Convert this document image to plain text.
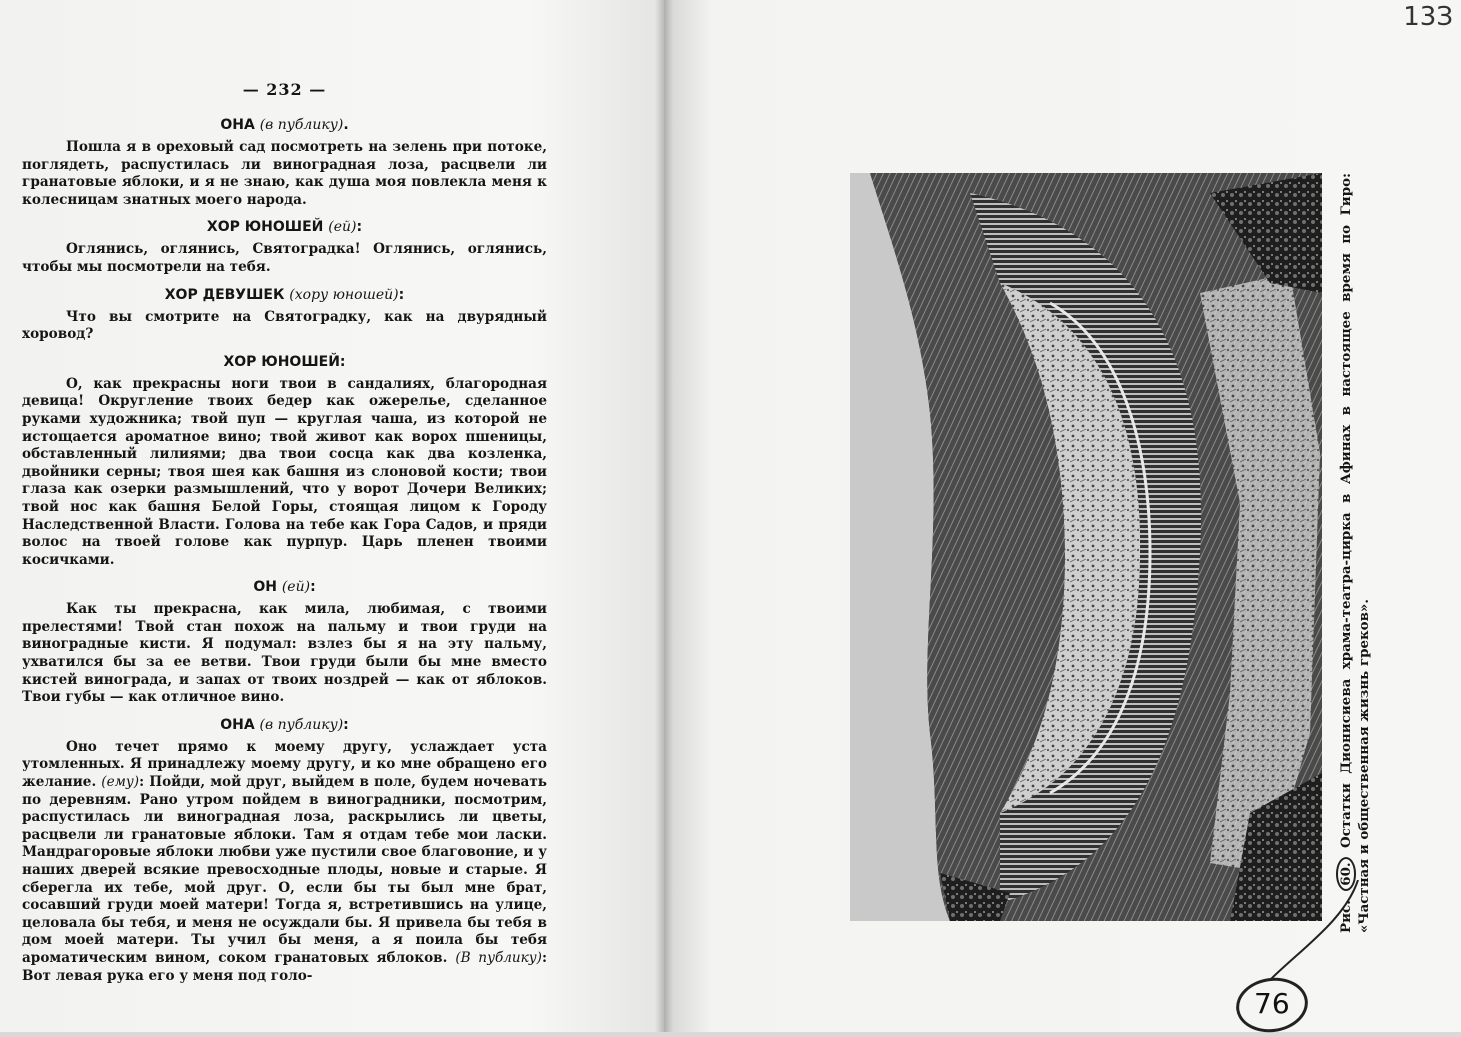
— 232 —
ОНА (в публику).

Пошла я в ореховый сад посмотреть на зелень при потоке, поглядеть, распустилась ли виноградная лоза, расцвели ли гранатовые яблоки, и я не знаю, как душа моя повлекла меня к колесницам знатных моего народа.

ХОР ЮНОШЕЙ (ей):

Оглянись, оглянись, Святоградка! Оглянись, оглянись, чтобы мы посмотрели на тебя.

ХОР ДЕВУШЕК (хору юношей):

Что вы смотрите на Святоградку, как на двурядный хоровод?

ХОР ЮНОШЕЙ:

О, как прекрасны ноги твои в сандалиях, благородная девица! Округление твоих бедер как ожерелье, сделанное руками художника; твой пуп — круглая чаша, из которой не истощается ароматное вино; твой живот как ворох пшеницы, обставленный лилиями; два твои сосца как два козленка, двойники серны; твоя шея как башня из слоновой кости; твои глаза как озерки размышлений, что у ворот Дочери Великих; твой нос как башня Белой Горы, стоящая лицом к Городу Наследственной Власти. Голова на тебе как Гора Садов, и пряди волос на твоей голове как пурпур. Царь пленен твоими косичками.

ОН (ей):

Как ты прекрасна, как мила, любимая, с твоими прелестями! Твой стан похож на пальму и твои груди на виноградные кисти. Я подумал: взлез бы я на эту пальму, ухватился бы за ее ветви. Твои груди были бы мне вместо кистей винограда, и запах от твоих ноздрей — как от яблоков. Твои губы — как отличное вино.

ОНА (в публику):

Оно течет прямо к моему другу, услаждает уста утомленных. Я принадлежу моему другу, и ко мне обращено его желание. (ему): Пойди, мой друг, выйдем в поле, будем ночевать по деревням. Рано утром пойдем в виноградники, посмотрим, распустилась ли виноградная лоза, раскрылись ли цветы, расцвели ли гранатовые яблоки. Там я отдам тебе мои ласки. Мандрагоровые яблоки любви уже пустили свое благовоние, и у наших дверей всякие превосходные плоды, новые и старые. Я сберегла их тебе, мой друг. О, если бы ты был мне брат, сосавший груди моей матери! Тогда я, встретившись на улице, целовала бы тебя, и меня не осуждали бы. Я привела бы тебя в дом моей матери. Ты учил бы меня, а я поила бы тебя ароматическим вином, соком гранатовых яблоков. (В публику): Вот левая рука его у меня под голо-

13З
Рис. 60. Остатки Дионисиева храма-театра-цирка в Афинах в настоящее время по Гиро: «Частная и общественная жизнь греков».
76
